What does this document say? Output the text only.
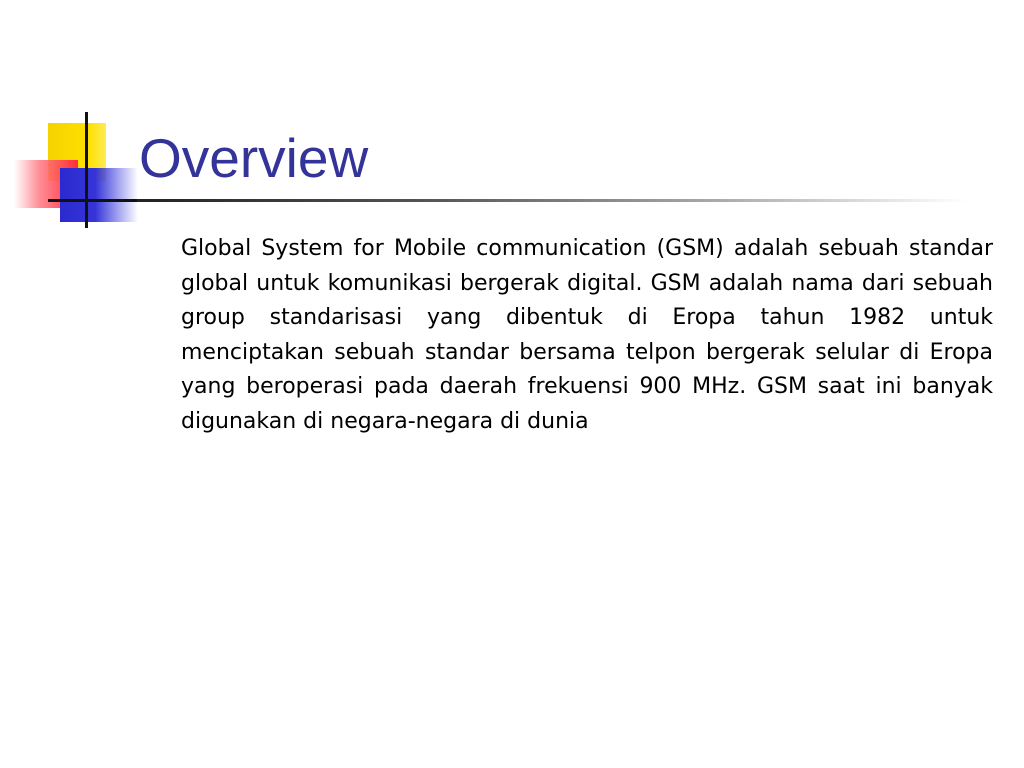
Overview

Global System for Mobile communication (GSM) adalah sebuah standar global untuk komunikasi bergerak digital. GSM adalah nama dari sebuah group standarisasi yang dibentuk di Eropa tahun 1982 untuk menciptakan sebuah standar bersama telpon bergerak selular di Eropa yang beroperasi pada daerah frekuensi 900 MHz. GSM saat ini banyak digunakan di negara-negara di dunia
